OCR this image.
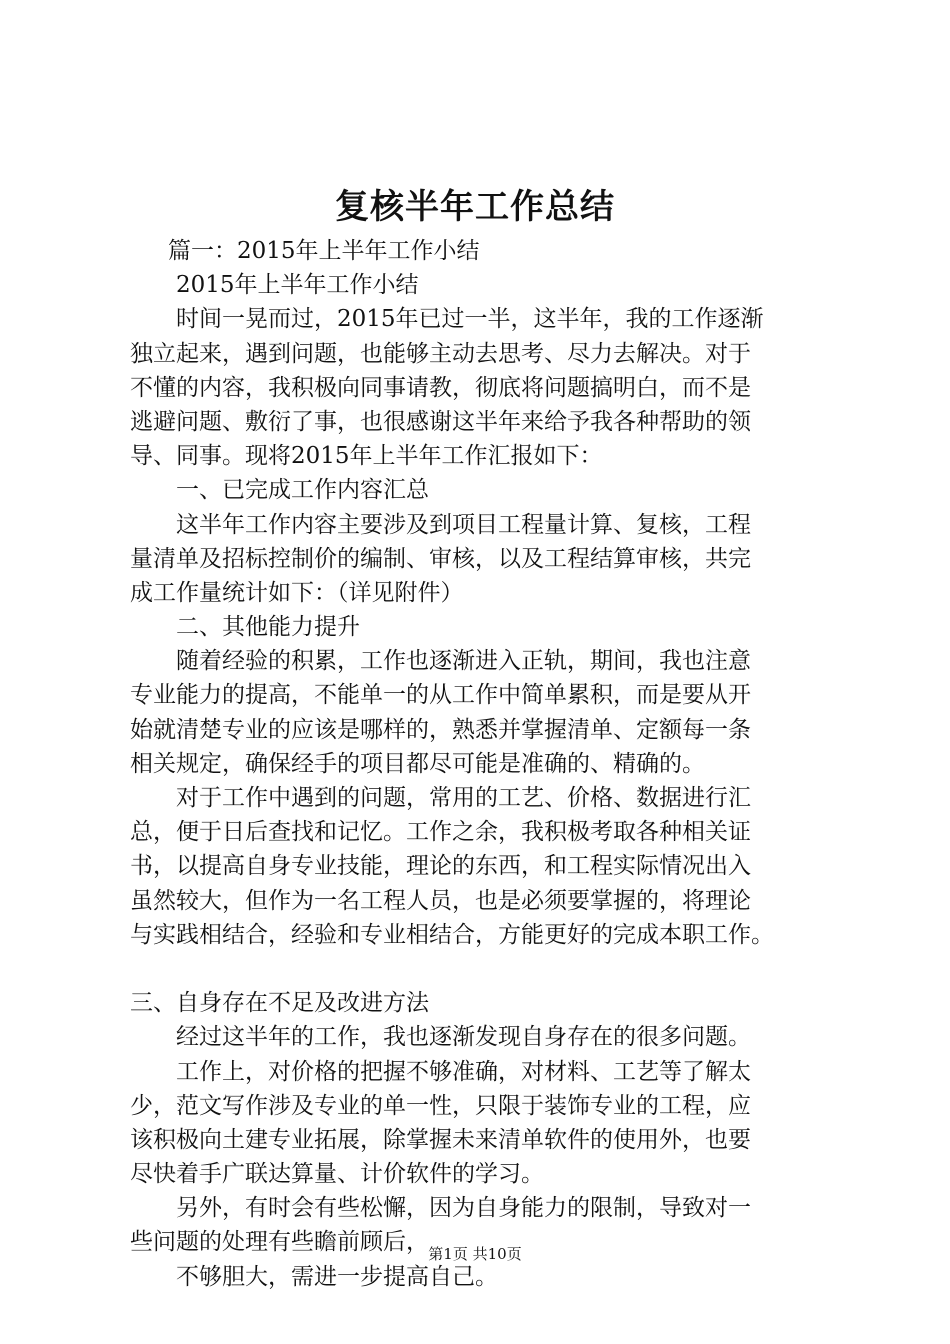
复核半年工作总结
篇一：2015年上半年工作小结
2015年上半年工作小结
时间一晃而过，2015年已过一半，这半年，我的工作逐渐
独立起来，遇到问题，也能够主动去思考、尽力去解决。对于
不懂的内容，我积极向同事请教，彻底将问题搞明白，而不是
逃避问题、敷衍了事，也很感谢这半年来给予我各种帮助的领
导、同事。现将2015年上半年工作汇报如下：
一、已完成工作内容汇总
这半年工作内容主要涉及到项目工程量计算、复核，工程
量清单及招标控制价的编制、审核，以及工程结算审核，共完
成工作量统计如下：（详见附件）
二、其他能力提升
随着经验的积累，工作也逐渐进入正轨，期间，我也注意
专业能力的提高，不能单一的从工作中简单累积，而是要从开
始就清楚专业的应该是哪样的，熟悉并掌握清单、定额每一条
相关规定，确保经手的项目都尽可能是准确的、精确的。
对于工作中遇到的问题，常用的工艺、价格、数据进行汇
总，便于日后查找和记忆。工作之余，我积极考取各种相关证
书，以提高自身专业技能，理论的东西，和工程实际情况出入
虽然较大，但作为一名工程人员，也是必须要掌握的，将理论
与实践相结合，经验和专业相结合，方能更好的完成本职工作。
三、自身存在不足及改进方法
经过这半年的工作，我也逐渐发现自身存在的很多问题。
工作上，对价格的把握不够准确，对材料、工艺等了解太
少，范文写作涉及专业的单一性，只限于装饰专业的工程，应
该积极向土建专业拓展，除掌握未来清单软件的使用外，也要
尽快着手广联达算量、计价软件的学习。
另外，有时会有些松懈，因为自身能力的限制，导致对一
些问题的处理有些瞻前顾后，
不够胆大，需进一步提高自己。
第1页 共10页
